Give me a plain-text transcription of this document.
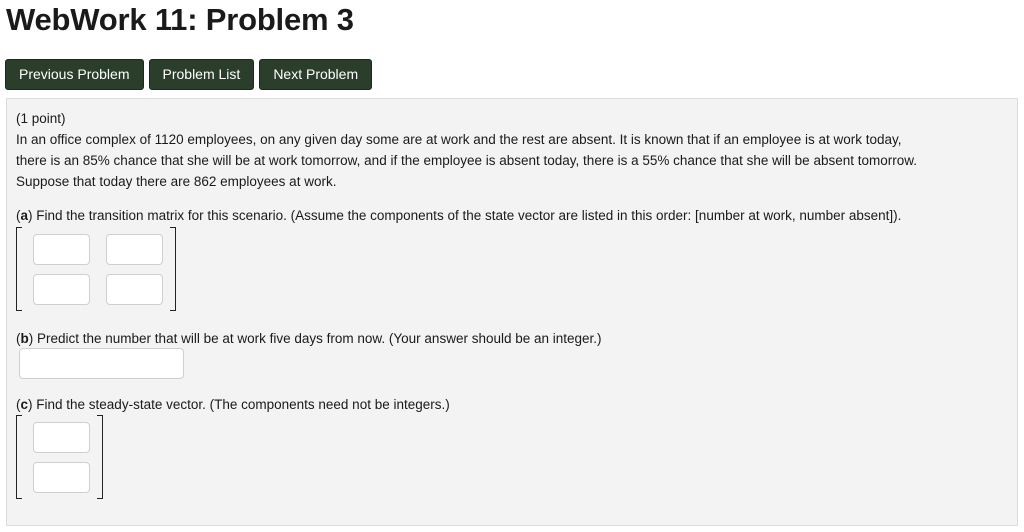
WebWork 11: Problem 3
Previous Problem	Problem List	Next Problem

(1 point)

In an office complex of 1120 employees, on any given day some are at work and the rest are absent. It is known that if an employee is at work today,

there is an 85% chance that she will be at work tomorrow, and if the employee is absent today, there is a 55% chance that she will be absent tomorrow.

Suppose that today there are 862 employees at work.

(a) Find the transition matrix for this scenario. (Assume the components of the state vector are listed in this order: [number at work, number absent]).

(b) Predict the number that will be at work five days from now. (Your answer should be an integer.)

(c) Find the steady-state vector. (The components need not be integers.)
